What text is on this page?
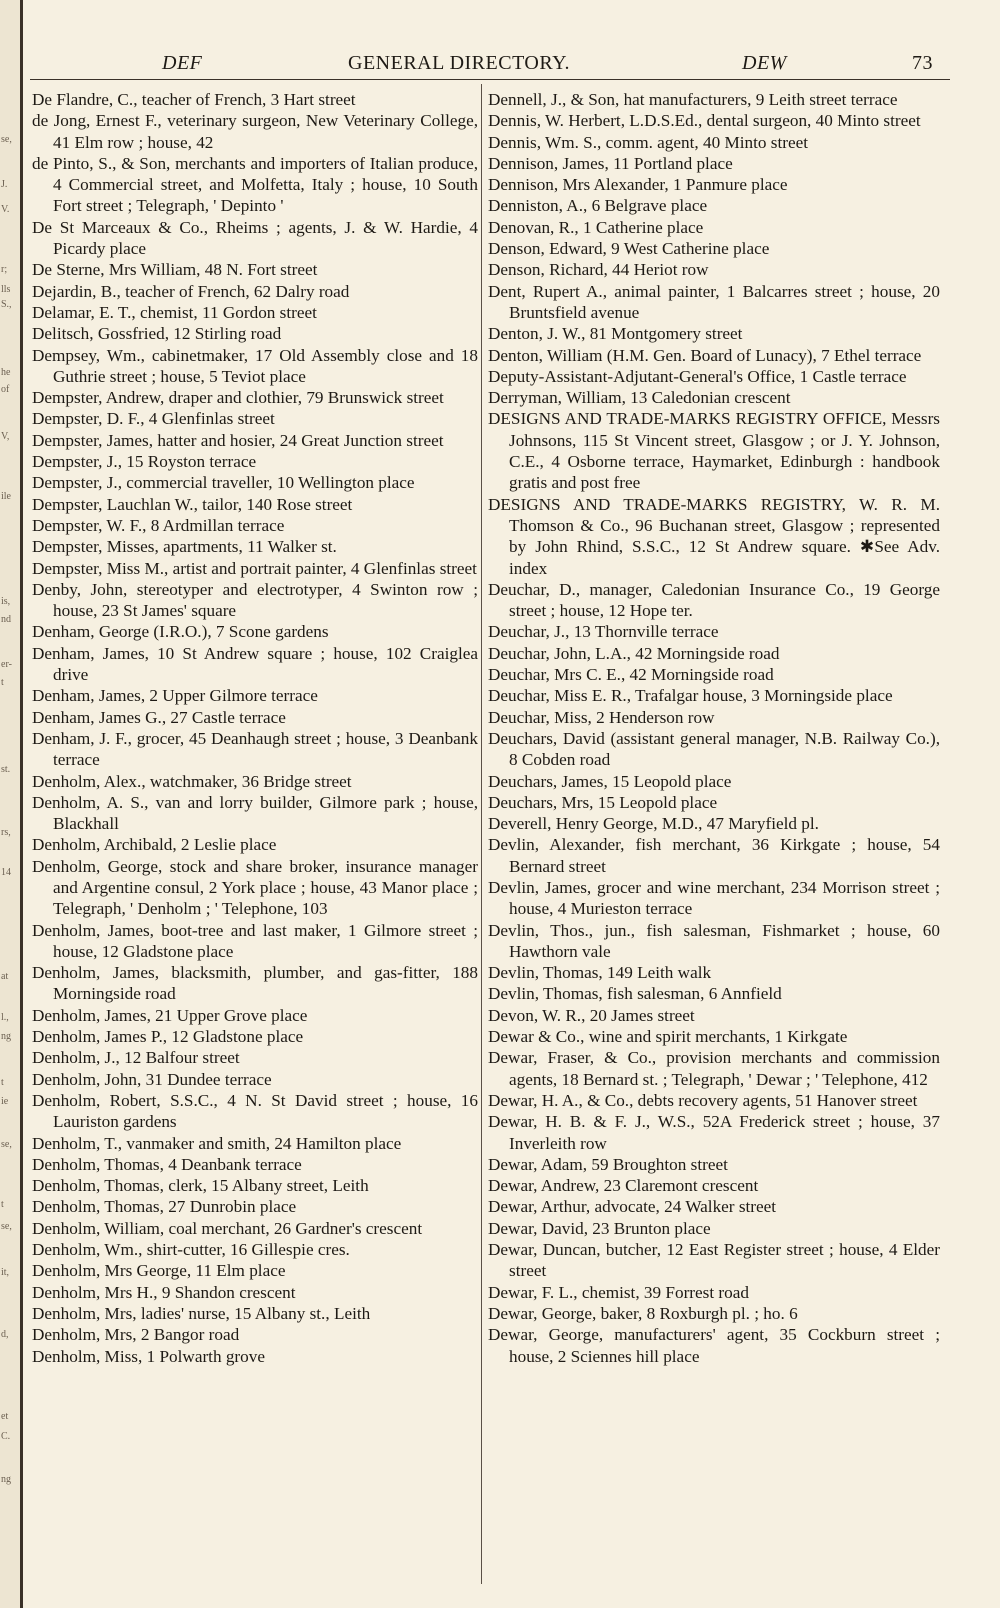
se,
J.
V.
r;
lls
S.,
he
of
V,
ile
is,
nd
er-
t
st.
rs,
14
at
l.,
ng
t
ie
se,
t
se,
it,
d,
et
C.
ng
DEF	GENERAL DIRECTORY.	DEW	73

De Flandre, C., teacher of French, 3 Hart street

de Jong, Ernest F., veterinary surgeon, New Veterinary College, 41 Elm row ; house, 42

de Pinto, S., & Son, merchants and importers of Italian produce, 4 Commercial street, and Molfetta, Italy ; house, 10 South Fort street ; Telegraph, ' Depinto '

De St Marceaux & Co., Rheims ; agents, J. & W. Hardie, 4 Picardy place

De Sterne, Mrs William, 48 N. Fort street

Dejardin, B., teacher of French, 62 Dalry road

Delamar, E. T., chemist, 11 Gordon street

Delitsch, Gossfried, 12 Stirling road

Dempsey, Wm., cabinetmaker, 17 Old Assembly close and 18 Guthrie street ; house, 5 Teviot place

Dempster, Andrew, draper and clothier, 79 Brunswick street

Dempster, D. F., 4 Glenfinlas street

Dempster, James, hatter and hosier, 24 Great Junction street

Dempster, J., 15 Royston terrace

Dempster, J., commercial traveller, 10 Wellington place

Dempster, Lauchlan W., tailor, 140 Rose street

Dempster, W. F., 8 Ardmillan terrace

Dempster, Misses, apartments, 11 Walker st.

Dempster, Miss M., artist and portrait painter, 4 Glenfinlas street

Denby, John, stereotyper and electrotyper, 4 Swinton row ; house, 23 St James' square

Denham, George (I.R.O.), 7 Scone gardens

Denham, James, 10 St Andrew square ; house, 102 Craiglea drive

Denham, James, 2 Upper Gilmore terrace

Denham, James G., 27 Castle terrace

Denham, J. F., grocer, 45 Deanhaugh street ; house, 3 Deanbank terrace

Denholm, Alex., watchmaker, 36 Bridge street

Denholm, A. S., van and lorry builder, Gilmore park ; house, Blackhall

Denholm, Archibald, 2 Leslie place

Denholm, George, stock and share broker, insurance manager and Argentine consul, 2 York place ; house, 43 Manor place ; Telegraph, ' Denholm ; ' Telephone, 103

Denholm, James, boot-tree and last maker, 1 Gilmore street ; house, 12 Gladstone place

Denholm, James, blacksmith, plumber, and gas-fitter, 188 Morningside road

Denholm, James, 21 Upper Grove place

Denholm, James P., 12 Gladstone place

Denholm, J., 12 Balfour street

Denholm, John, 31 Dundee terrace

Denholm, Robert, S.S.C., 4 N. St David street ; house, 16 Lauriston gardens

Denholm, T., vanmaker and smith, 24 Hamilton place

Denholm, Thomas, 4 Deanbank terrace

Denholm, Thomas, clerk, 15 Albany street, Leith

Denholm, Thomas, 27 Dunrobin place

Denholm, William, coal merchant, 26 Gardner's crescent

Denholm, Wm., shirt-cutter, 16 Gillespie cres.

Denholm, Mrs George, 11 Elm place

Denholm, Mrs H., 9 Shandon crescent

Denholm, Mrs, ladies' nurse, 15 Albany st., Leith

Denholm, Mrs, 2 Bangor road

Denholm, Miss, 1 Polwarth grove

Dennell, J., & Son, hat manufacturers, 9 Leith street terrace

Dennis, W. Herbert, L.D.S.Ed., dental surgeon, 40 Minto street

Dennis, Wm. S., comm. agent, 40 Minto street

Dennison, James, 11 Portland place

Dennison, Mrs Alexander, 1 Panmure place

Denniston, A., 6 Belgrave place

Denovan, R., 1 Catherine place

Denson, Edward, 9 West Catherine place

Denson, Richard, 44 Heriot row

Dent, Rupert A., animal painter, 1 Balcarres street ; house, 20 Bruntsfield avenue

Denton, J. W., 81 Montgomery street

Denton, William (H.M. Gen. Board of Lunacy), 7 Ethel terrace

Deputy-Assistant-Adjutant-General's Office, 1 Castle terrace

Derryman, William, 13 Caledonian crescent

DESIGNS AND TRADE-MARKS REGISTRY OFFICE, Messrs Johnsons, 115 St Vincent street, Glasgow ; or J. Y. Johnson, C.E., 4 Osborne terrace, Haymarket, Edinburgh : handbook gratis and post free

DESIGNS AND TRADE-MARKS REGISTRY, W. R. M. Thomson & Co., 96 Buchanan street, Glasgow ; represented by John Rhind, S.S.C., 12 St Andrew square. ✱See Adv. index

Deuchar, D., manager, Caledonian Insurance Co., 19 George street ; house, 12 Hope ter.

Deuchar, J., 13 Thornville terrace

Deuchar, John, L.A., 42 Morningside road

Deuchar, Mrs C. E., 42 Morningside road

Deuchar, Miss E. R., Trafalgar house, 3 Morningside place

Deuchar, Miss, 2 Henderson row

Deuchars, David (assistant general manager, N.B. Railway Co.), 8 Cobden road

Deuchars, James, 15 Leopold place

Deuchars, Mrs, 15 Leopold place

Deverell, Henry George, M.D., 47 Maryfield pl.

Devlin, Alexander, fish merchant, 36 Kirkgate ; house, 54 Bernard street

Devlin, James, grocer and wine merchant, 234 Morrison street ; house, 4 Murieston terrace

Devlin, Thos., jun., fish salesman, Fishmarket ; house, 60 Hawthorn vale

Devlin, Thomas, 149 Leith walk

Devlin, Thomas, fish salesman, 6 Annfield

Devon, W. R., 20 James street

Dewar & Co., wine and spirit merchants, 1 Kirkgate

Dewar, Fraser, & Co., provision merchants and commission agents, 18 Bernard st. ; Telegraph, ' Dewar ; ' Telephone, 412

Dewar, H. A., & Co., debts recovery agents, 51 Hanover street

Dewar, H. B. & F. J., W.S., 52A Frederick street ; house, 37 Inverleith row

Dewar, Adam, 59 Broughton street

Dewar, Andrew, 23 Claremont crescent

Dewar, Arthur, advocate, 24 Walker street

Dewar, David, 23 Brunton place

Dewar, Duncan, butcher, 12 East Register street ; house, 4 Elder street

Dewar, F. L., chemist, 39 Forrest road

Dewar, George, baker, 8 Roxburgh pl. ; ho. 6

Dewar, George, manufacturers' agent, 35 Cockburn street ; house, 2 Sciennes hill place
